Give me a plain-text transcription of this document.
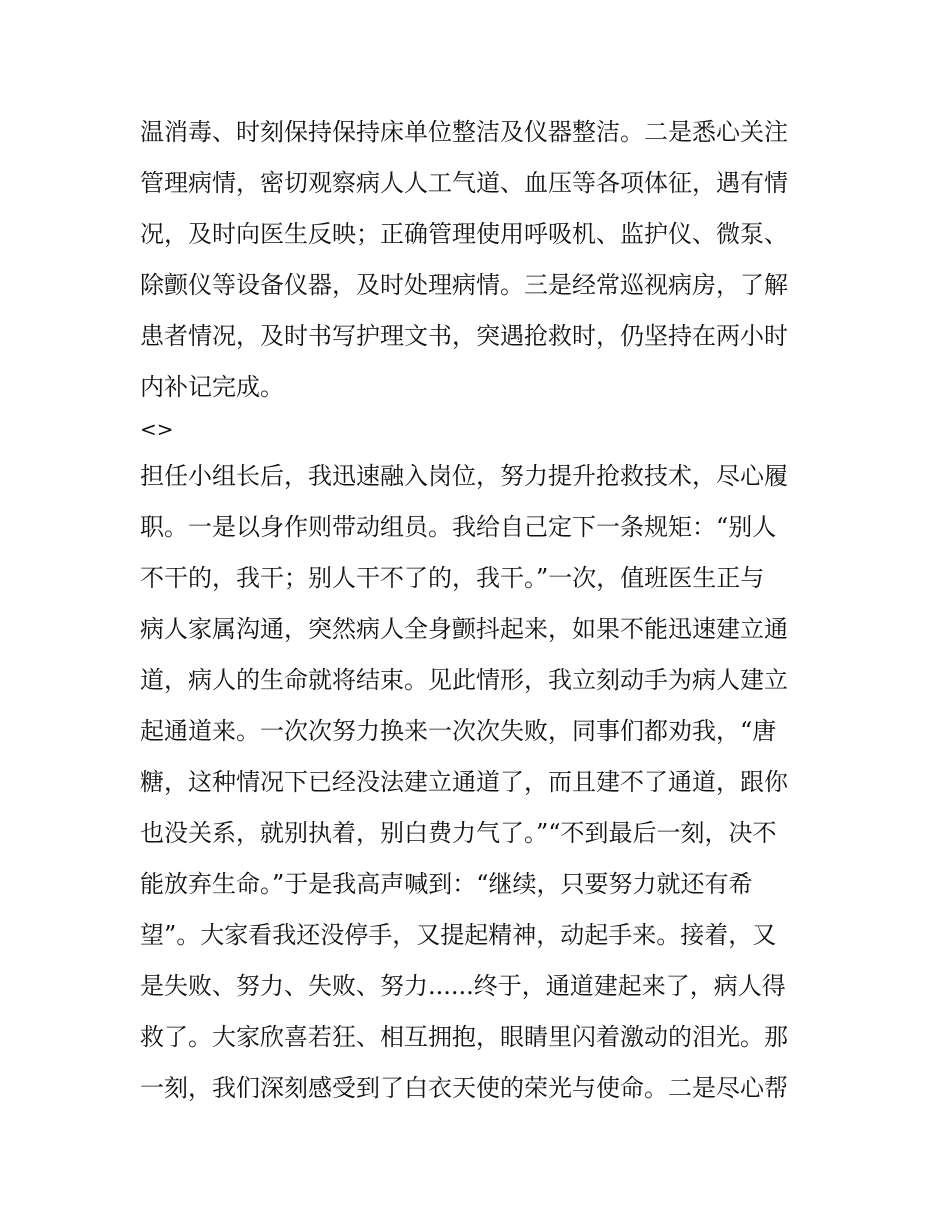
温消毒、时刻保持保持床单位整洁及仪器整洁。二是悉心关注
管理病情，密切观察病人人工气道、血压等各项体征，遇有情
况，及时向医生反映；正确管理使用呼吸机、监护仪、微泵、
除颤仪等设备仪器，及时处理病情。三是经常巡视病房，了解
患者情况，及时书写护理文书，突遇抢救时，仍坚持在两小时
内补记完成。
<>
担任小组长后，我迅速融入岗位，努力提升抢救技术，尽心履
职。一是以身作则带动组员。我给自己定下一条规矩：“别人
不干的，我干；别人干不了的，我干。”一次，值班医生正与
病人家属沟通，突然病人全身颤抖起来，如果不能迅速建立通
道，病人的生命就将结束。见此情形，我立刻动手为病人建立
起通道来。一次次努力换来一次次失败，同事们都劝我，“唐
糖，这种情况下已经没法建立通道了，而且建不了通道，跟你
也没关系，就别执着，别白费力气了。”“不到最后一刻，决不
能放弃生命。”于是我高声喊到：“继续，只要努力就还有希
望”。大家看我还没停手，又提起精神，动起手来。接着，又
是失败、努力、失败、努力......终于，通道建起来了，病人得
救了。大家欣喜若狂、相互拥抱，眼睛里闪着激动的泪光。那
一刻，我们深刻感受到了白衣天使的荣光与使命。二是尽心帮
